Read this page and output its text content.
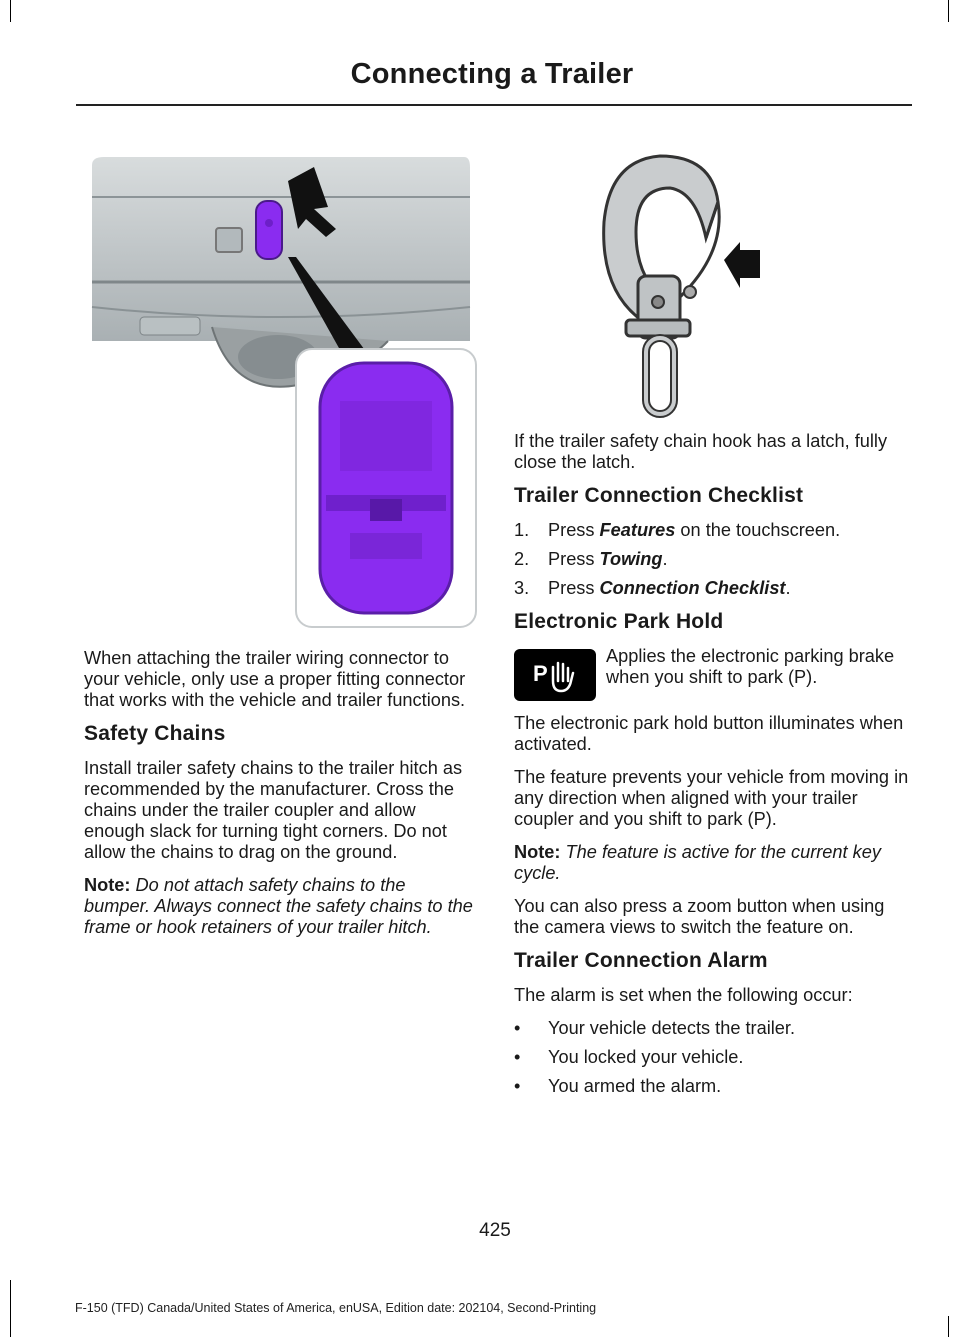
Connecting a Trailer

When attaching the trailer wiring connector to your vehicle, only use a proper fitting connector that works with the vehicle and trailer functions.

Safety Chains

Install trailer safety chains to the trailer hitch as recommended by the manufacturer. Cross the chains under the trailer coupler and allow enough slack for turning tight corners. Do not allow the chains to drag on the ground.

Note: Do not attach safety chains to the bumper. Always connect the safety chains to the frame or hook retainers of your trailer hitch.

If the trailer safety chain hook has a latch, fully close the latch.

Trailer Connection Checklist
1.	Press Features on the touchscreen.
2.	Press Towing.
3.	Press Connection Checklist.
Electronic Park Hold
P
Applies the electronic parking brake when you shift to park (P).

The electronic park hold button illuminates when activated.

The feature prevents your vehicle from moving in any direction when aligned with your trailer coupler and you shift to park (P).

Note: The feature is active for the current key cycle.

You can also press a zoom button when using the camera views to switch the feature on.

Trailer Connection Alarm

The alarm is set when the following occur:

•	Your vehicle detects the trailer.
•	You locked your vehicle.
•	You armed the alarm.
425
F-150 (TFD) Canada/United States of America, enUSA, Edition date: 202104, Second-Printing
